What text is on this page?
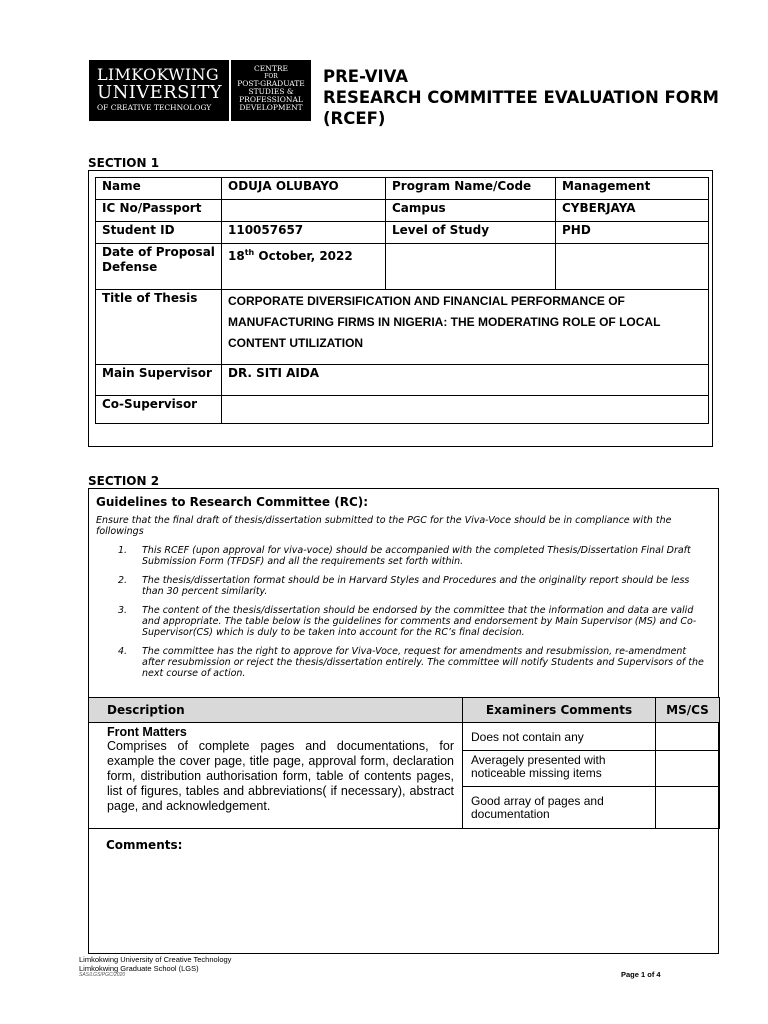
LIMKOKWING
UNIVERSITY
OF CREATIVE TECHNOLOGY
CENTRE
FOR
POST-GRADUATE
STUDIES &
PROFESSIONAL
DEVELOPMENT
PRE-VIVA
RESEARCH COMMITTEE EVALUATION FORM
(RCEF)
SECTION 1
Name	ODUJA OLUBAYO	Program Name/Code	Management
IC No/Passport		Campus	CYBERJAYA
Student ID	110057657	Level of Study	PHD
Date of Proposal Defense	18th October, 2022		
Title of Thesis	CORPORATE DIVERSIFICATION AND FINANCIAL PERFORMANCE OF MANUFACTURING FIRMS IN NIGERIA: THE MODERATING ROLE OF LOCAL CONTENT UTILIZATION		
Main Supervisor	DR. SITI AIDA		
Co-Supervisor			
SECTION 2
Guidelines to Research Committee (RC):
Ensure that the final draft of thesis/dissertation submitted to the PGC for the Viva-Voce should be in compliance with the followings
1. This RCEF (upon approval for viva-voce) should be accompanied with the completed Thesis/Dissertation Final Draft Submission Form (TFDSF) and all the requirements set forth within.
2. The thesis/dissertation format should be in Harvard Styles and Procedures and the originality report should be less than 30 percent similarity.
3. The content of the thesis/dissertation should be endorsed by the committee that the information and data are valid and appropriate. The table below is the guidelines for comments and endorsement by Main Supervisor (MS) and Co-Supervisor(CS) which is duly to be taken into account for the RC’s final decision.
4. The committee has the right to approve for Viva-Voce, request for amendments and resubmission, re-amendment after resubmission or reject the thesis/dissertation entirely. The committee will notify Students and Supervisors of the next course of action.
Description	Examiners Comments	MS/CS

Front Matters
Comprises of complete pages and documentations, for example the cover page, title page, approval form, declaration form, distribution authorisation form, table of contents pages, list of figures, tables and abbreviations( if necessary), abstract page, and acknowledgement.	Does not contain any	
	Averagely presented with noticeable missing items	
	Good array of pages and documentation	
Comments:
Limkokwing University of Creative Technology
Limkokwing Graduate School (LGS)
SAS/LGS/PGC/2020	Page 1 of 4
